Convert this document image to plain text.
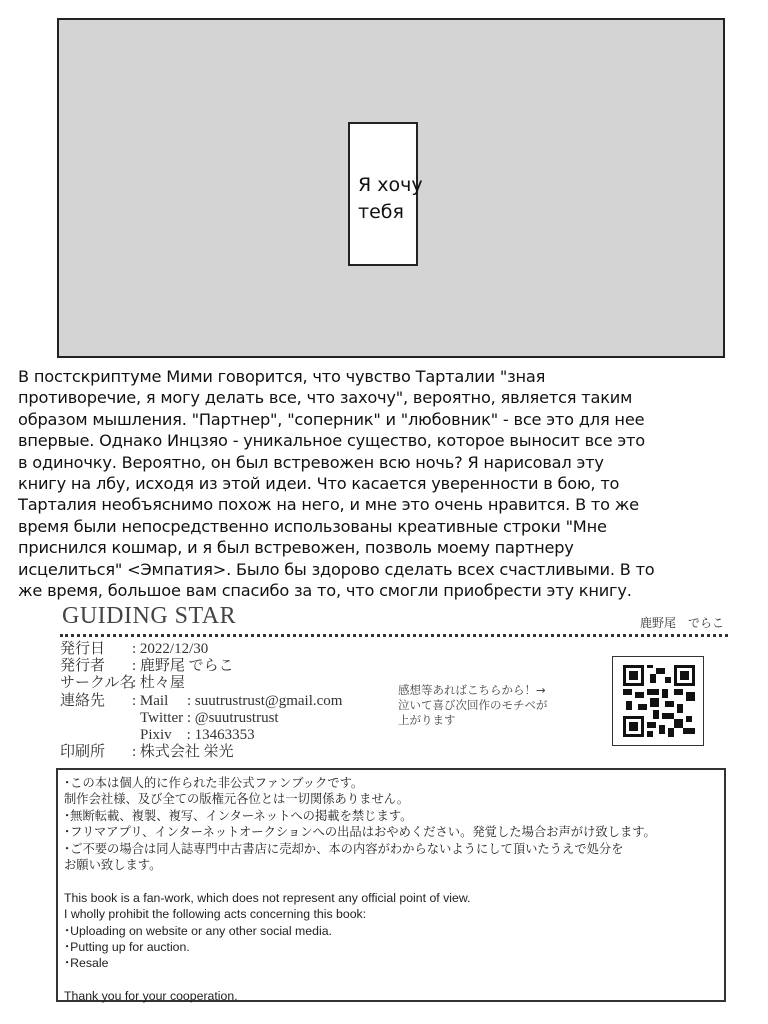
Я хочу
тебя
В постскриптуме Мими говорится, что чувство Тарталии "зная
противоречие, я могу делать все, что захочу", вероятно, является таким
образом мышления. "Партнер", "соперник" и "любовник" - все это для нее
впервые. Однако Инцзяо - уникальное существо, которое выносит все это
в одиночку. Вероятно, он был встревожен всю ночь? Я нарисовал эту
книгу на лбу, исходя из этой идеи. Что касается уверенности в бою, то
Тарталия необъяснимо похож на него, и мне это очень нравится. В то же
время были непосредственно использованы креативные строки "Мне
приснился кошмар, и я был встревожен, позволь моему партнеру
исцелиться" <Эмпатия>. Было бы здорово сделать всех счастливыми. В то
же время, большое вам спасибо за то, что смогли приобрести эту книгу.
GUIDING STAR	鹿野尾　でらこ
発行日	: 2022/12/30
発行者	: 鹿野尾 でらこ
サークル名
: 杜々屋
連絡先	: Mail　 : suutrustrust@gmail.com
Twitter : @suutrustrust
Pixiv　: 13463353
印刷所	: 株式会社 栄光
感想等あればこちらから！→
泣いて喜び次回作のモチベが
上がります
･この本は個人的に作られた非公式ファンブックです。
制作会社様、及び全ての版権元各位とは一切関係ありません。
･無断転載、複製、複写、インターネットへの掲載を禁じます。
･フリマアプリ、インターネットオークションへの出品はおやめください。発覚した場合お声がけ致します。
･ご不要の場合は同人誌専門中古書店に売却か、本の内容がわからないようにして頂いたうえで処分を
お願い致します。
This book is a fan-work, which does not represent any official point of view.
I wholly prohibit the following acts concerning this book:
･Uploading on website or any other social media.
･Putting up for auction.
･Resale
Thank you for your cooperation.
